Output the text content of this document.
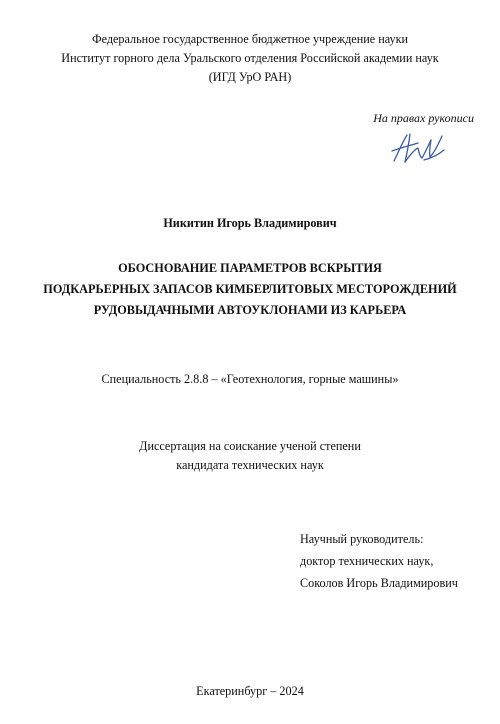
Федеральное государственное бюджетное учреждение науки
Институт горного дела Уральского отделения Российской академии наук
(ИГД УрО РАН)
На правах рукописи
Никитин Игорь Владимирович
ОБОСНОВАНИЕ ПАРАМЕТРОВ ВСКРЫТИЯ
ПОДКАРЬЕРНЫХ ЗАПАСОВ КИМБЕРЛИТОВЫХ МЕСТОРОЖДЕНИЙ
РУДОВЫДАЧНЫМИ АВТОУКЛОНАМИ ИЗ КАРЬЕРА
Специальность 2.8.8 – «Геотехнология, горные машины»
Диссертация на соискание ученой степени
кандидата технических наук
Научный руководитель:
доктор технических наук,
Соколов Игорь Владимирович
Екатеринбург – 2024
